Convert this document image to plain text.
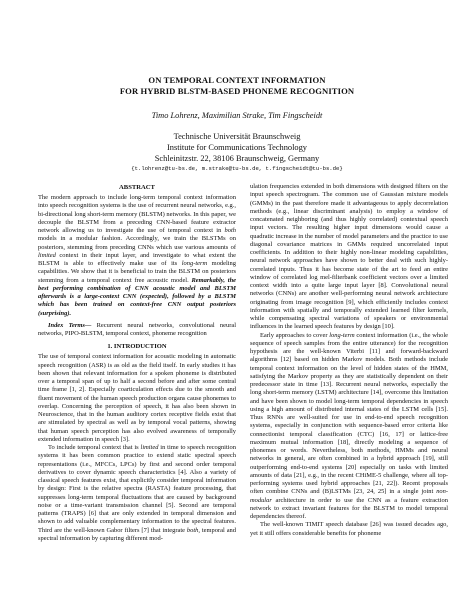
ON TEMPORAL CONTEXT INFORMATION
FOR HYBRID BLSTM-BASED PHONEME RECOGNITION
Timo Lohrenz, Maximilian Strake, Tim Fingscheidt
Technische Universität Braunschweig
Institute for Communications Technology
Schleinitzstr. 22, 38106 Braunschweig, Germany
{t.lohrenz@tu-bs.de, m.strake@tu-bs.de, t.fingscheidt@tu-bs.de}
ABSTRACT

The modern approach to include long-term temporal context information into speech recognition systems is the use of recurrent neural networks, e.g., bi-directional long short-term memory (BLSTM) networks. In this paper, we decouple the BLSTM from a preceding CNN-based feature extractor network allowing us to investigate the use of temporal context in both models in a modular fashion. Accordingly, we train the BLSTMs on posteriors, stemming from preceding CNNs which use various amounts of limited context in their input layer, and investigate to what extent the BLSTM is able to effectively make use of its long-term modeling capabilities. We show that it is beneficial to train the BLSTM on posteriors stemming from a temporal context free acoustic model. Remarkably, the best performing combination of CNN acoustic model and BLSTM afterwards is a large-context CNN (expected), followed by a BLSTM which has been trained on context-free CNN output posteriors (surprising).

Index Terms— Recurrent neural networks, convolutional neural networks, PIPO-BLSTM, temporal context, phoneme recognition

1. INTRODUCTION

The use of temporal context information for acoustic modeling in automatic speech recognition (ASR) is as old as the field itself. In early studies it has been shown that relevant information for a spoken phoneme is distributed over a temporal span of up to half a second before and after some central time frame [1, 2]. Especially coarticulation effects due to the smooth and fluent movement of the human speech production organs cause phonemes to overlap. Concerning the perception of speech, it has also been shown in Neuroscience, that in the human auditory cortex receptive fields exist that are stimulated by spectral as well as by temporal vocal patterns, showing that human speech perception has also evolved awareness of temporally extended information in speech [3].

To include temporal context that is limited in time to speech recognition systems it has been common practice to extend static spectral speech representations (i.e., MFCCs, LPCs) by first and second order temporal derivatives to cover dynamic speech characteristics [4]. Also a variety of classical speech features exist, that explicitly consider temporal information by design: First is the relative spectra (RASTA) feature processing, that suppresses long-term temporal fluctuations that are caused by background noise or a time-variant transmission channel [5]. Second are temporal patterns (TRAPS) [6] that are only extended in temporal dimension and shown to add valuable complementary information to the spectral features. Third are the well-known Gabor filters [7] that integrate both, temporal and spectral information by capturing different mod-

ulation frequencies extended in both dimensions with designed filters on the input speech spectrogram. The common use of Gaussian mixture models (GMMs) in the past therefore made it advantageous to apply decorrelation methods (e.g., linear discriminant analysis) to employ a window of concatenated neighboring (and thus highly correlated) contextual speech input vectors. The resulting higher input dimensions would cause a quadratic increase in the number of model parameters and the practice to use diagonal covariance matrices in GMMs required uncorrelated input coefficients. In addition to their highly non-linear modeling capabilities, neural network approaches have shown to better deal with such highly-correlated inputs. Thus it has become state of the art to feed an entire window of correlated log mel-filterbank coefficient vectors over a limited context width into a quite large input layer [8]. Convolutional neural networks (CNNs) are another well-performing neural network architecture originating from image recognition [9], which efficiently includes context information with spatially and temporally extended learned filter kernels, while compensating spectral variations of speakers or environmental influences in the learned speech features by design [10].

Early approaches to cover long-term context information (i.e., the whole sequence of speech samples from the entire utterance) for the recognition hypothesis are the well-known Viterbi [11] and forward-backward algorithms [12] based on hidden Markov models. Both methods include temporal context information on the level of hidden states of the HMM, satisfying the Markov property as they are statistically dependent on their predecessor state in time [13]. Recurrent neural networks, especially the long short-term memory (LSTM) architecture [14], overcome this limitation and have been shown to model long-term temporal dependencies in speech using a high amount of distributed internal states of the LSTM cells [15]. Thus RNNs are well-suited for use in end-to-end speech recognition systems, especially in conjunction with sequence-based error criteria like connectionist temporal classification (CTC) [16, 17] or lattice-free maximum mutual information [18], directly modeling a sequence of phonemes or words. Nevertheless, both methods, HMMs and neural networks in general, are often combined in a hybrid approach [19], still outperforming end-to-end systems [20] especially on tasks with limited amounts of data [21], e.g., in the recent CHiME-5 challenge, where all top-performing systems used hybrid approaches [21, 22]). Recent proposals often combine CNNs and (B)LSTMs [23, 24, 25] in a single joint non-modular architecture in order to use the CNN as a feature extraction network to extract invariant features for the BLSTM to model temporal dependencies thereof.

The well-known TIMIT speech database [26] was issued decades ago, yet it still offers considerable benefits for phoneme
